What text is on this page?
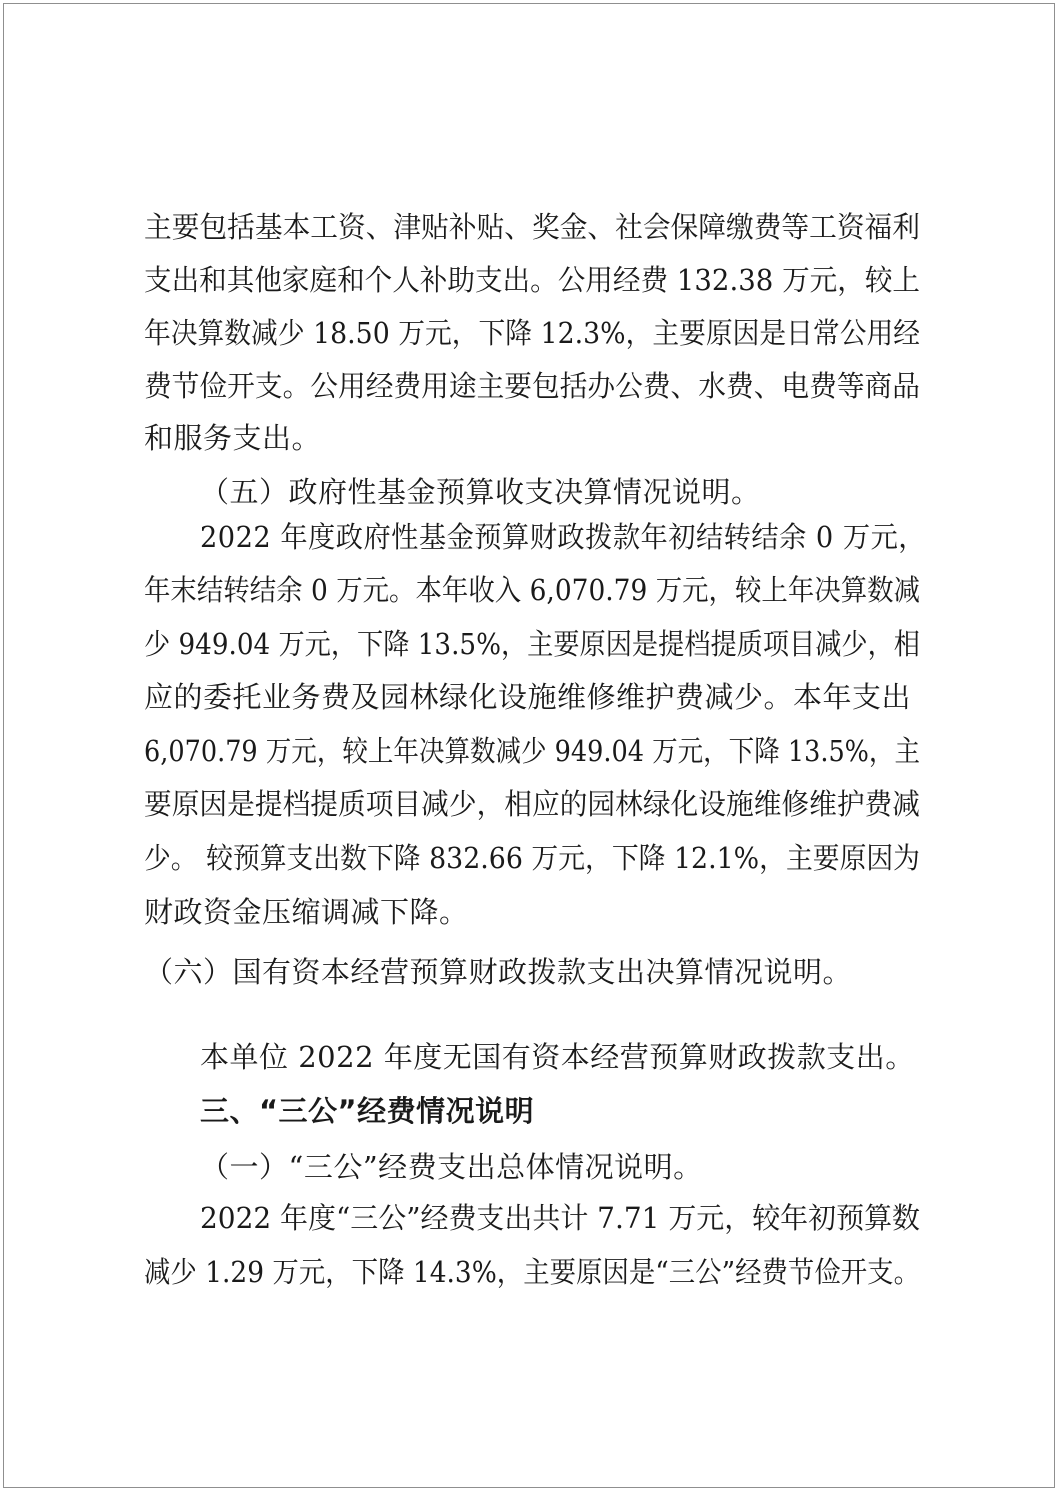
主要包括基本工资、津贴补贴、奖金、社会保障缴费等工资福利
支出和其他家庭和个人补助支出。公用经费 132.38 万元，较上
年决算数减少 18.50 万元，下降 12.3%，主要原因是日常公用经
费节俭开支。公用经费用途主要包括办公费、水费、电费等商品
和服务支出。
（五）政府性基金预算收支决算情况说明。
2022 年度政府性基金预算财政拨款年初结转结余 0 万元，
年末结转结余 0 万元。本年收入 6,070.79 万元，较上年决算数减
少 949.04 万元，下降 13.5%，主要原因是提档提质项目减少，相
应的委托业务费及园林绿化设施维修维护费减少。本年支出
6,070.79 万元，较上年决算数减少 949.04 万元，下降 13.5%，主
要原因是提档提质项目减少，相应的园林绿化设施维修维护费减
少。 较预算支出数下降 832.66 万元，下降 12.1%，主要原因为
财政资金压缩调减下降。
（六）国有资本经营预算财政拨款支出决算情况说明。
本单位 2022 年度无国有资本经营预算财政拨款支出。
三、“三公”经费情况说明
（一）“三公”经费支出总体情况说明。
2022 年度“三公”经费支出共计 7.71 万元，较年初预算数
减少 1.29 万元，下降 14.3%，主要原因是“三公”经费节俭开支。
